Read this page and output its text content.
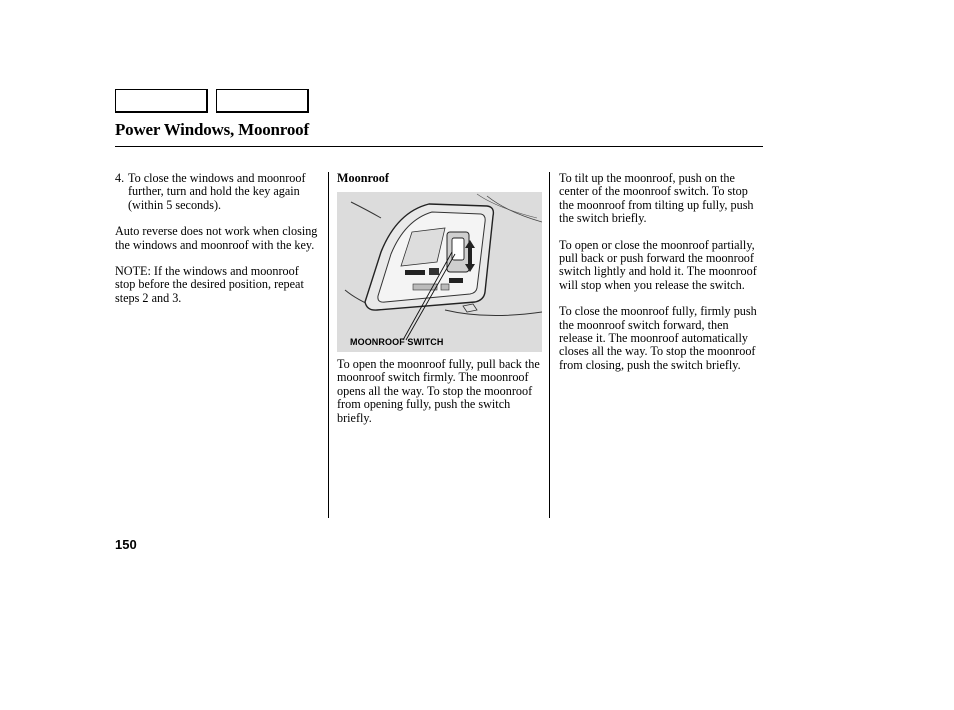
Power Windows, Moonroof

4. To close the windows and moonroof further, turn and hold the key again (within 5 seconds).

Auto reverse does not work when closing the windows and moonroof with the key.

NOTE: If the windows and moonroof stop before the desired position, repeat steps 2 and 3.

Moonroof

MOONROOF SWITCH

To open the moonroof fully, pull back the moonroof switch firmly. The moonroof opens all the way. To stop the moonroof from opening fully, push the switch briefly.

To tilt up the moonroof, push on the center of the moonroof switch. To stop the moonroof from tilting up fully, push the switch briefly.

To open or close the moonroof partially, pull back or push forward the moonroof switch lightly and hold it. The moonroof will stop when you release the switch.

To close the moonroof fully, firmly push the moonroof switch forward, then release it. The moonroof automatically closes all the way. To stop the moonroof from closing, push the switch briefly.

150
